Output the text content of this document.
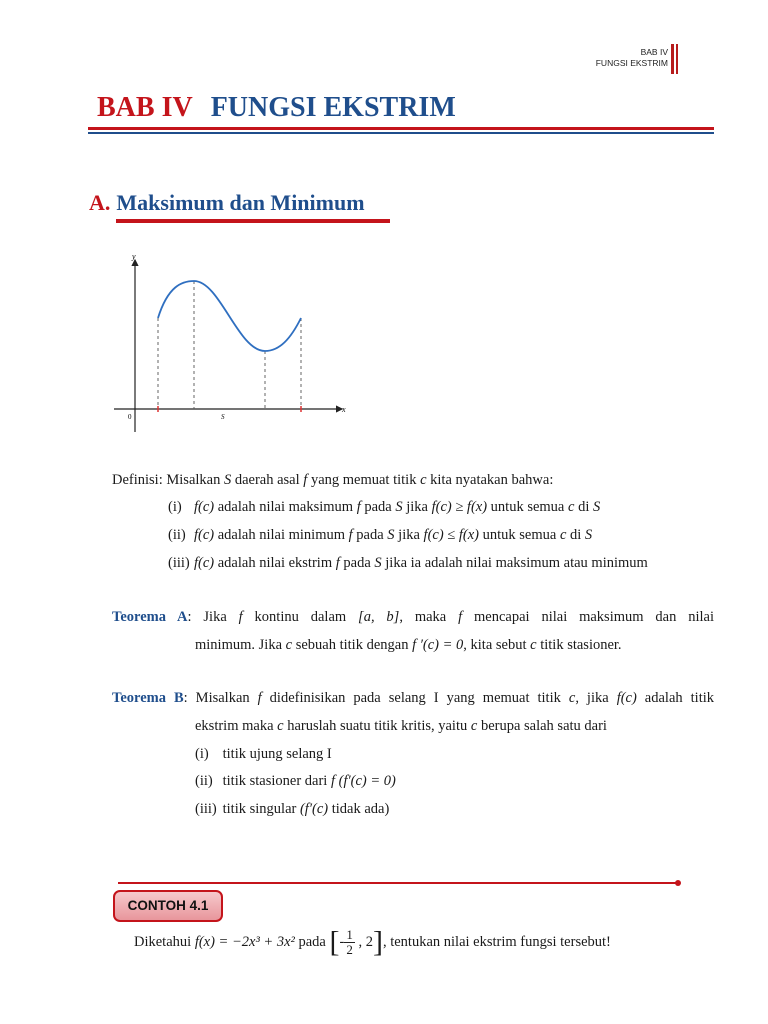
BAB IV
FUNGSI EKSTRIM
BAB IV FUNGSI EKSTRIM
A. Maksimum dan Minimum
y
x
0	S
Definisi: Misalkan S daerah asal f yang memuat titik c kita nyatakan bahwa:
(i) f(c) adalah nilai maksimum f pada S jika f(c) ≥ f(x) untuk semua c di S
(ii) f(c) adalah nilai minimum f pada S jika f(c) ≤ f(x) untuk semua c di S
(iii) f(c) adalah nilai ekstrim f pada S jika ia adalah nilai maksimum atau minimum
Teorema A: Jika f kontinu dalam [a, b], maka f mencapai nilai maksimum dan nilai
minimum. Jika c sebuah titik dengan f ′(c) = 0, kita sebut c titik stasioner.
Teorema B: Misalkan f didefinisikan pada selang I yang memuat titik c, jika f(c) adalah titik
ekstrim maka c haruslah suatu titik kritis, yaitu c berupa salah satu dari
(i) titik ujung selang I
(ii) titik stasioner dari f (f′(c) = 0)
(iii) titik singular (f′(c) tidak ada)
CONTOH 4.1
Diketahui f(x) = −2x³ + 3x² pada [- $\frac{1}{2}$ , 2], tentukan nilai ekstrim fungsi tersebut!
